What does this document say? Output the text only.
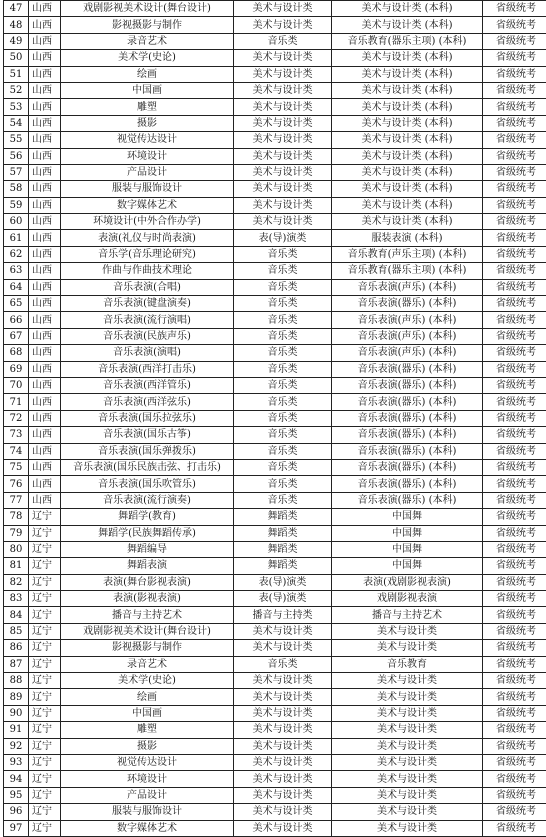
47	山西	戏剧影视美术设计(舞台设计)	美术与设计类	美术与设计类 (本科)	省级统考
48	山西	影视摄影与制作	美术与设计类	美术与设计类 (本科)	省级统考
49	山西	录音艺术	音乐类	音乐教育(器乐主项) (本科)	省级统考
50	山西	美术学(史论)	美术与设计类	美术与设计类 (本科)	省级统考
51	山西	绘画	美术与设计类	美术与设计类 (本科)	省级统考
52	山西	中国画	美术与设计类	美术与设计类 (本科)	省级统考
53	山西	雕塑	美术与设计类	美术与设计类 (本科)	省级统考
54	山西	摄影	美术与设计类	美术与设计类 (本科)	省级统考
55	山西	视觉传达设计	美术与设计类	美术与设计类 (本科)	省级统考
56	山西	环境设计	美术与设计类	美术与设计类 (本科)	省级统考
57	山西	产品设计	美术与设计类	美术与设计类 (本科)	省级统考
58	山西	服装与服饰设计	美术与设计类	美术与设计类 (本科)	省级统考
59	山西	数字媒体艺术	美术与设计类	美术与设计类 (本科)	省级统考
60	山西	环境设计(中外合作办学)	美术与设计类	美术与设计类 (本科)	省级统考
61	山西	表演(礼仪与时尚表演)	表(导)演类	服装表演 (本科)	省级统考
62	山西	音乐学(音乐理论研究)	音乐类	音乐教育(声乐主项) (本科)	省级统考
63	山西	作曲与作曲技术理论	音乐类	音乐教育(器乐主项) (本科)	省级统考
64	山西	音乐表演(合唱)	音乐类	音乐表演(声乐) (本科)	省级统考
65	山西	音乐表演(键盘演奏)	音乐类	音乐表演(器乐) (本科)	省级统考
66	山西	音乐表演(流行演唱)	音乐类	音乐表演(声乐) (本科)	省级统考
67	山西	音乐表演(民族声乐)	音乐类	音乐表演(声乐) (本科)	省级统考
68	山西	音乐表演(演唱)	音乐类	音乐表演(声乐) (本科)	省级统考
69	山西	音乐表演(西洋打击乐)	音乐类	音乐表演(器乐) (本科)	省级统考
70	山西	音乐表演(西洋管乐)	音乐类	音乐表演(器乐) (本科)	省级统考
71	山西	音乐表演(西洋弦乐)	音乐类	音乐表演(器乐) (本科)	省级统考
72	山西	音乐表演(国乐拉弦乐)	音乐类	音乐表演(器乐) (本科)	省级统考
73	山西	音乐表演(国乐古筝)	音乐类	音乐表演(器乐) (本科)	省级统考
74	山西	音乐表演(国乐弹拨乐)	音乐类	音乐表演(器乐) (本科)	省级统考
75	山西	音乐表演(国乐民族击弦、打击乐)	音乐类	音乐表演(器乐) (本科)	省级统考
76	山西	音乐表演(国乐吹管乐)	音乐类	音乐表演(器乐) (本科)	省级统考
77	山西	音乐表演(流行演奏)	音乐类	音乐表演(器乐) (本科)	省级统考
78	辽宁	舞蹈学(教育)	舞蹈类	中国舞	省级统考
79	辽宁	舞蹈学(民族舞蹈传承)	舞蹈类	中国舞	省级统考
80	辽宁	舞蹈编导	舞蹈类	中国舞	省级统考
81	辽宁	舞蹈表演	舞蹈类	中国舞	省级统考
82	辽宁	表演(舞台影视表演)	表(导)演类	表演(戏剧影视表演)	省级统考
83	辽宁	表演(影视表演)	表(导)演类	戏剧影视表演	省级统考
84	辽宁	播音与主持艺术	播音与主持类	播音与主持艺术	省级统考
85	辽宁	戏剧影视美术设计(舞台设计)	美术与设计类	美术与设计类	省级统考
86	辽宁	影视摄影与制作	美术与设计类	美术与设计类	省级统考
87	辽宁	录音艺术	音乐类	音乐教育	省级统考
88	辽宁	美术学(史论)	美术与设计类	美术与设计类	省级统考
89	辽宁	绘画	美术与设计类	美术与设计类	省级统考
90	辽宁	中国画	美术与设计类	美术与设计类	省级统考
91	辽宁	雕塑	美术与设计类	美术与设计类	省级统考
92	辽宁	摄影	美术与设计类	美术与设计类	省级统考
93	辽宁	视觉传达设计	美术与设计类	美术与设计类	省级统考
94	辽宁	环境设计	美术与设计类	美术与设计类	省级统考
95	辽宁	产品设计	美术与设计类	美术与设计类	省级统考
96	辽宁	服装与服饰设计	美术与设计类	美术与设计类	省级统考
97	辽宁	数字媒体艺术	美术与设计类	美术与设计类	省级统考
